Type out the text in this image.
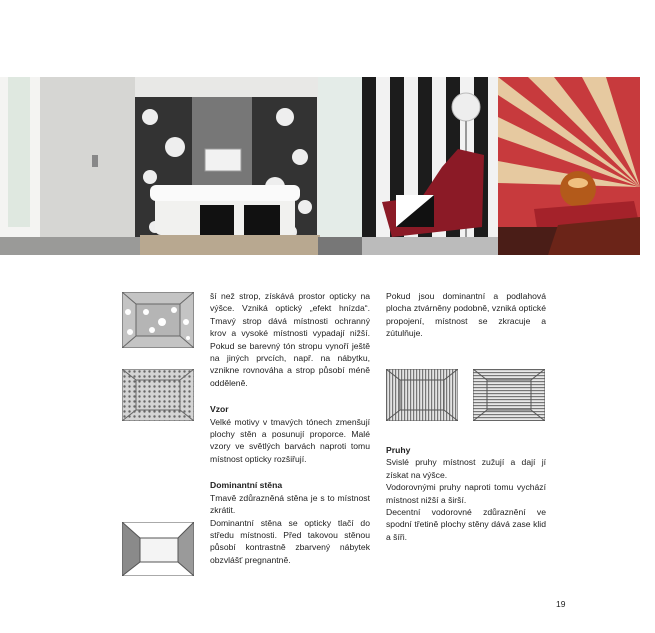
ší než strop, získává prostor opticky na výšce. Vzniká optický „efekt hnízda“. Tmavý strop dává místnosti ochranný krov a vysoké místnosti vypadají nižší. Pokud se barevný tón stropu vynoří ještě na jiných prvcích, např. na nábytku, vznikne rovnováha a strop působí méně odděleně.

Vzor

Velké motivy v tmavých tónech zmenšují plochy stěn a posunují proporce. Malé vzory ve světlých barvách naproti tomu místnost opticky rozšiřují.

Dominantní stěna

Tmavě zdůrazněná stěna je s to místnost zkrátit.

Dominantní stěna se opticky tlačí do středu místnosti. Před takovou stěnou působí kontrastně zbarvený nábytek obzvlášť pregnantně.

Pokud jsou dominantní a podlahová plocha ztvárněny podobně, vzniká optické propojení, místnost se zkracuje a zútulňuje.

Pruhy

Svislé pruhy místnost zužují a dají jí získat na výšce.

Vodorovnými pruhy naproti tomu vychází místnost nižší a širší.

Decentní vodorovné zdůraznění ve spodní třetině plochy stěny dává zase klid a šíři.

19
